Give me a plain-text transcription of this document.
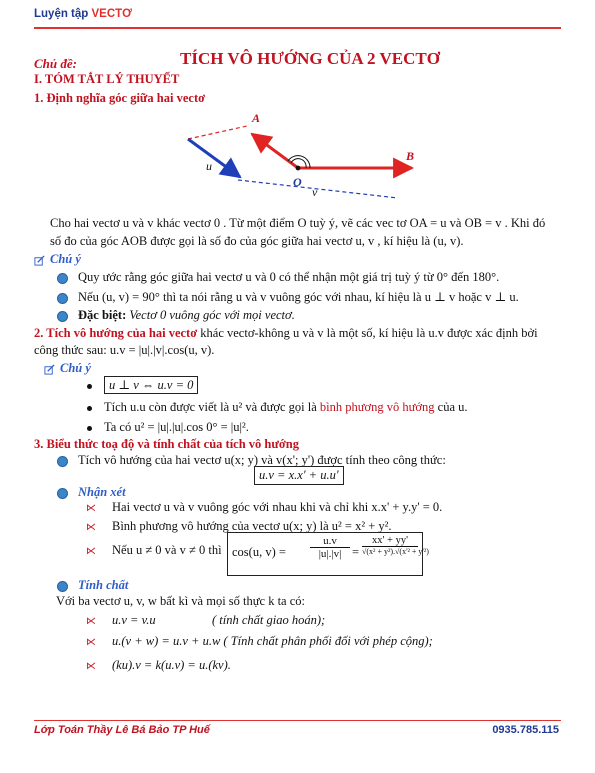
Luyện tập VECTƠ
Chủ đề:	TÍCH VÔ HƯỚNG CỦA 2 VECTƠ
I. TÓM TẮT LÝ THUYẾT
1. Định nghĩa góc giữa hai vectơ
A
B
O
u
v
Cho hai vectơ u và v khác vectơ 0 . Từ một điểm O tuỳ ý, vẽ các vec tơ OA = u và OB = v . Khi đó
số đo của góc AOB được gọi là số đo của góc giữa hai vectơ u, v , kí hiệu là (u, v).
Chú ý
Quy ước rằng góc giữa hai vectơ u và 0 có thể nhận một giá trị tuỳ ý từ 0° đến 180°.
Nếu (u, v) = 90° thì ta nói rằng u và v vuông góc với nhau, kí hiệu là u ⊥ v hoặc v ⊥ u.
Đặc biệt: Vectơ 0 vuông góc với mọi vectơ.
2. Tích vô hướng của hai vectơ khác vectơ-không u và v là một số, kí hiệu là u.v được xác định bởi
công thức sau: u.v = |u|.|v|.cos(u, v).
Chú ý
u ⊥ v ⇔ u.v = 0
Tích u.u còn được viết là u² và được gọi là bình phương vô hướng của u.
Ta có u² = |u|.|u|.cos 0° = |u|².
3. Biểu thức toạ độ và tính chất của tích vô hướng
Tích vô hướng của hai vectơ u(x; y) và v(x'; y') được tính theo công thức:
u.v = x.x' + u.u'
Nhận xét
⋉ Hai vectơ u và v vuông góc với nhau khi và chỉ khi x.x' + y.y' = 0.
⋉ Bình phương vô hướng của vectơ u(x; y) là u² = x² + y².
⋉ Nếu u ≠ 0 và v ≠ 0 thì cos(u, v) =
u.v
|u|.|v| =
xx' + yy'
√(x² + y²).√(x'² + y'²)
Tính chất
Với ba vectơ u, v, w bất kì và mọi số thực k ta có:
⋉ u.v = v.u	( tính chất giao hoán);
⋉ u.(v + w) = u.v + u.w ( Tính chất phân phối đối với phép cộng);
⋉ (ku).v = k(u.v) = u.(kv).
Lớp Toán Thầy Lê Bá Bảo TP Huế	0935.785.115
